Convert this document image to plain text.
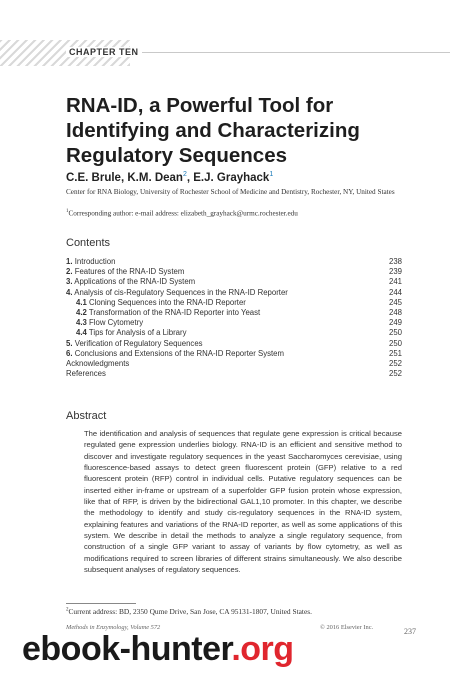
CHAPTER TEN
RNA-ID, a Powerful Tool for Identifying and Characterizing Regulatory Sequences
C.E. Brule, K.M. Dean$^2$, E.J. Grayhack$^1$
Center for RNA Biology, University of Rochester School of Medicine and Dentistry, Rochester, NY, United States
$^1$Corresponding author: e-mail address: elizabeth_grayhack@urmc.rochester.edu
Contents
1. Introduction	238
2. Features of the RNA-ID System	239
3. Applications of the RNA-ID System	241
4. Analysis of cis-Regulatory Sequences in the RNA-ID Reporter	244
4.1 Cloning Sequences into the RNA-ID Reporter	245
4.2 Transformation of the RNA-ID Reporter into Yeast	248
4.3 Flow Cytometry	249
4.4 Tips for Analysis of a Library	250
5. Verification of Regulatory Sequences	250
6. Conclusions and Extensions of the RNA-ID Reporter System	251
Acknowledgments	252
References	252
Abstract
The identification and analysis of sequences that regulate gene expression is critical because regulated gene expression underlies biology. RNA-ID is an efficient and sensitive method to discover and investigate regulatory sequences in the yeast Saccharomyces cerevisiae, using fluorescence-based assays to detect green fluorescent protein (GFP) relative to a red fluorescent protein (RFP) control in individual cells. Putative regulatory sequences can be inserted either in-frame or upstream of a superfolder GFP fusion protein whose expression, like that of RFP, is driven by the bidirectional GAL1,10 promoter. In this chapter, we describe the methodology to identify and study cis-regulatory sequences in the RNA-ID system, explaining features and variations of the RNA-ID reporter, as well as some applications of this system. We describe in detail the methods to analyze a single regulatory sequence, from construction of a single GFP variant to assay of variants by flow cytometry, as well as modifications required to screen libraries of different strains simultaneously. We also describe subsequent analyses of regulatory sequences.
$^2$Current address: BD, 2350 Qume Drive, San Jose, CA 95131-1807, United States.
Methods in Enzymology, Volume 572	© 2016 Elsevier Inc.	237
ebook-hunter.org
